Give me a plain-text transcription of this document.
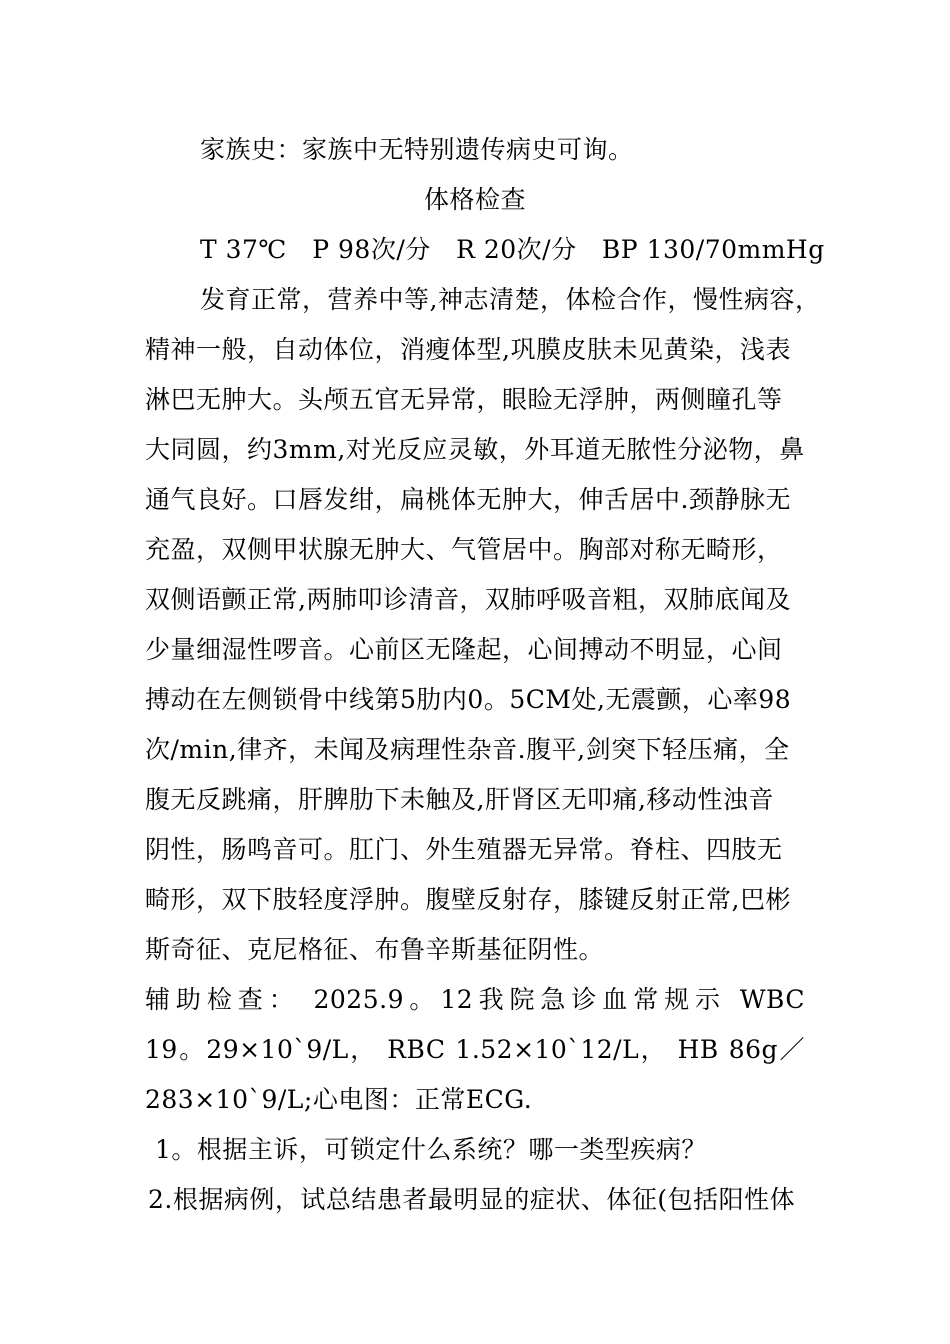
家族史：家族中无特别遗传病史可询。
体格检查
T 37℃   P 98次/分   R 20次/分   BP 130/70mmHg
发育正常，营养中等,神志清楚，体检合作，慢性病容，
精神一般，自动体位，消瘦体型,巩膜皮肤未见黄染，浅表
淋巴无肿大。头颅五官无异常，眼睑无浮肿，两侧瞳孔等
大同圆，约3mm,对光反应灵敏，外耳道无脓性分泌物，鼻
通气良好。口唇发绀，扁桃体无肿大，伸舌居中.颈静脉无
充盈，双侧甲状腺无肿大、气管居中。胸部对称无畸形，
双侧语颤正常,两肺叩诊清音，双肺呼吸音粗，双肺底闻及
少量细湿性啰音。心前区无隆起，心间搏动不明显，心间
搏动在左侧锁骨中线第5肋内0。5CM处,无震颤，心率98
次/min,律齐，未闻及病理性杂音.腹平,剑突下轻压痛，全
腹无反跳痛，肝脾肋下未触及,肝肾区无叩痛,移动性浊音
阴性，肠鸣音可。肛门、外生殖器无异常。脊柱、四肢无
畸形，双下肢轻度浮肿。腹壁反射存，膝键反射正常,巴彬
斯奇征、克尼格征、布鲁辛斯基征阴性。
辅助检查： 2025.9。12我院急诊血常规示 WBC
19。29×10`9/L， RBC 1.52×10`12/L， HB 86g／
283×10`9/L;心电图：正常ECG.
1。根据主诉，可锁定什么系统？哪一类型疾病？
2.根据病例，试总结患者最明显的症状、体征(包括阳性体
